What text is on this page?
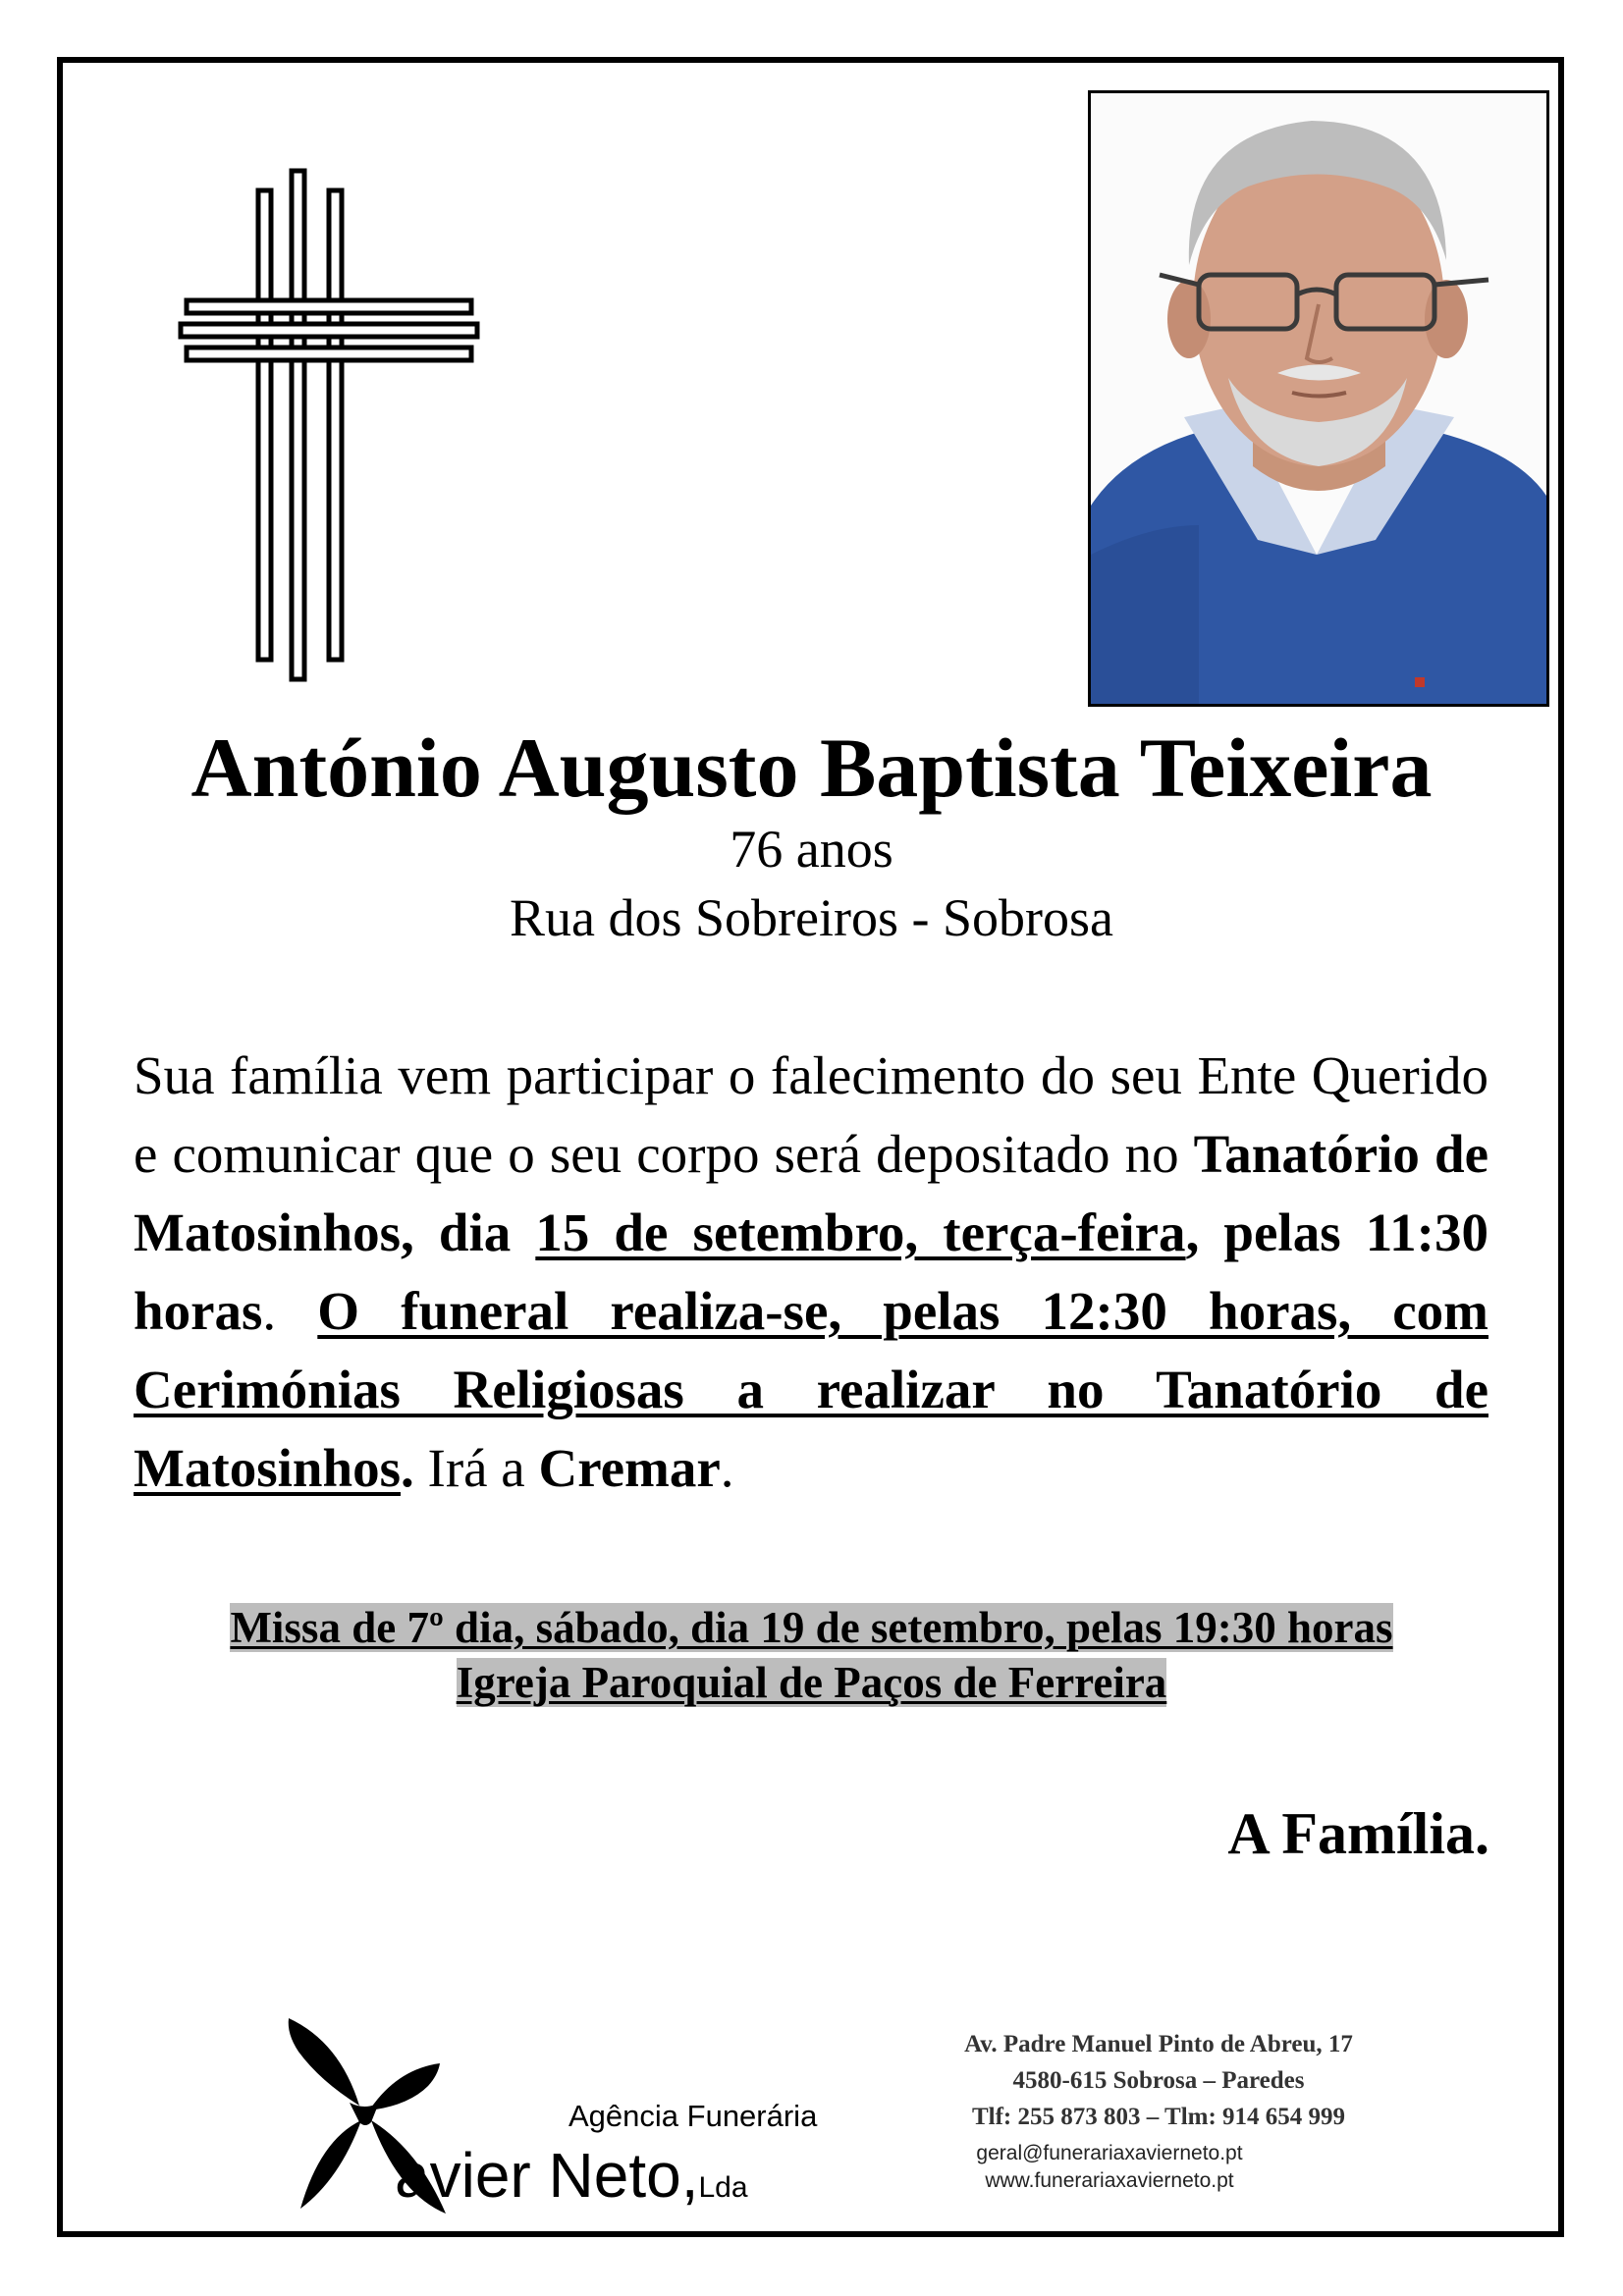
António Augusto Baptista Teixeira
76 anos
Rua dos Sobreiros - Sobrosa
Sua família vem participar o falecimento do seu Ente Querido e comunicar que o seu corpo será depositado no Tanatório de Matosinhos, dia 15 de setembro, terça-feira, pelas 11:30 horas. O funeral realiza-se, pelas 12:30 horas, com Cerimónias Religiosas a realizar no Tanatório de Matosinhos. Irá a Cremar.
Missa de 7º dia, sábado, dia 19 de setembro, pelas 19:30 horas
Igreja Paroquial de Paços de Ferreira
A Família.
Agência Funerária
avier Neto,Lda
Av. Padre Manuel Pinto de Abreu, 17
4580-615 Sobrosa – Paredes
Tlf: 255 873 803 – Tlm: 914 654 999
geral@funerariaxavierneto.pt
www.funerariaxavierneto.pt
